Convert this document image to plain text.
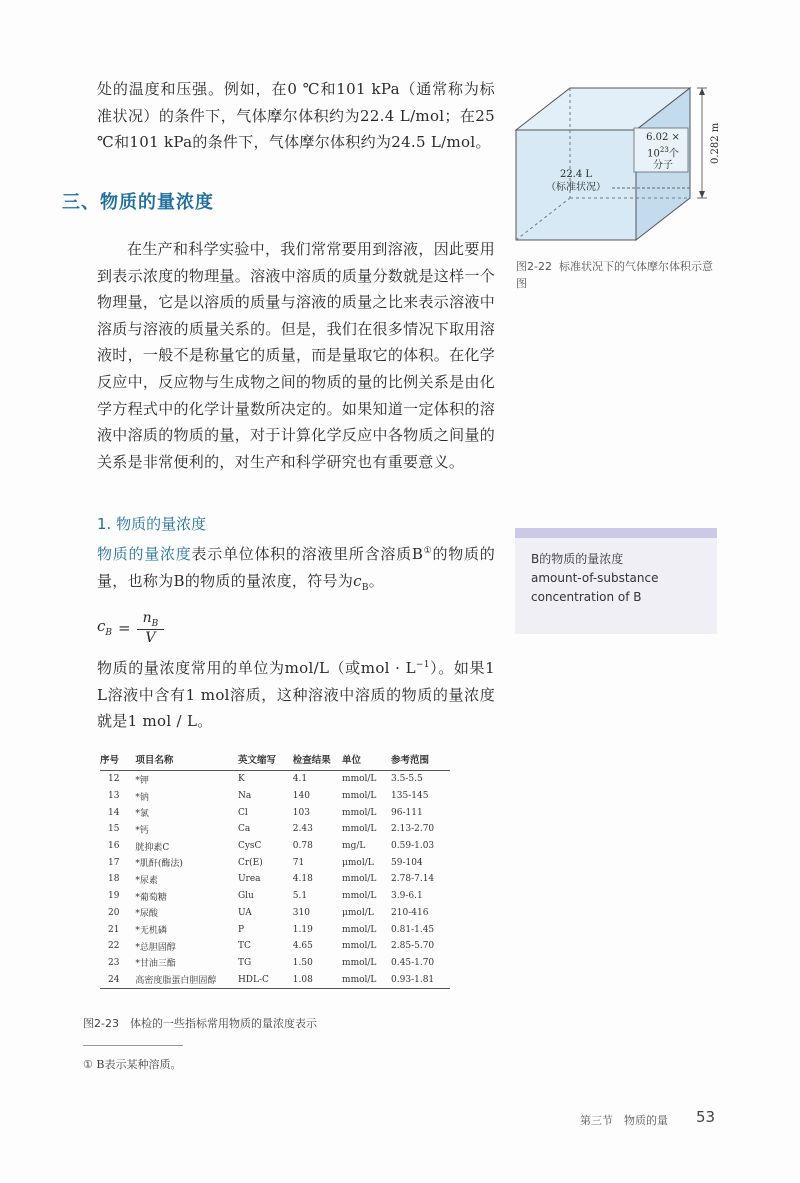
处的温度和压强。例如，在0 ℃和101 kPa（通常称为标准状况）的条件下，气体摩尔体积约为22.4 L/mol；在25 ℃和101 kPa的条件下，气体摩尔体积约为24.5 L/mol。
三、物质的量浓度
在生产和科学实验中，我们常常要用到溶液，因此要用到表示浓度的物理量。溶液中溶质的质量分数就是这样一个物理量，它是以溶质的质量与溶液的质量之比来表示溶液中溶质与溶液的质量关系的。但是，我们在很多情况下取用溶液时，一般不是称量它的质量，而是量取它的体积。在化学反应中，反应物与生成物之间的物质的量的比例关系是由化学方程式中的化学计量数所决定的。如果知道一定体积的溶液中溶质的物质的量，对于计算化学反应中各物质之间量的关系是非常便利的，对生产和科学研究也有重要意义。
1. 物质的量浓度
物质的量浓度表示单位体积的溶液里所含溶质B①的物质的量，也称为B的物质的量浓度，符号为$c_B$。
$c_B = \frac{n_B}{V}$
物质的量浓度常用的单位为mol/L（或mol · $L^{-1}$）。如果1 L溶液中含有1 mol溶质，这种溶液中溶质的物质的量浓度就是1 mol / L。
0.282 m
6.02 ×
$10^{23}$个
分子
22.4 L
（标准状况）
图2-22 标准状况下的气体摩尔体积示意图
B的物质的量浓度
amount-of-substance
concentration of B
序号	项目名称	英文缩写	检查结果	单位	参考范围
12	*钾	K	4.1	mmol/L	3.5-5.5
13	*钠	Na	140	mmol/L	135-145
14	*氯	Cl	103	mmol/L	96-111
15	*钙	Ca	2.43	mmol/L	2.13-2.70
16	胱抑素C	CysC	0.78	mg/L	0.59-1.03
17	*肌酐(酶法)	Cr(E)	71	μmol/L	59-104
18	*尿素	Urea	4.18	mmol/L	2.78-7.14
19	*葡萄糖	Glu	5.1	mmol/L	3.9-6.1
20	*尿酸	UA	310	μmol/L	210-416
21	*无机磷	P	1.19	mmol/L	0.81-1.45
22	*总胆固醇	TC	4.65	mmol/L	2.85-5.70
23	*甘油三酯	TG	1.50	mmol/L	0.45-1.70
24	高密度脂蛋白胆固醇	HDL-C	1.08	mmol/L	0.93-1.81
图2-23　体检的一些指标常用物质的量浓度表示
① B表示某种溶质。
第三节　物质的量 53
